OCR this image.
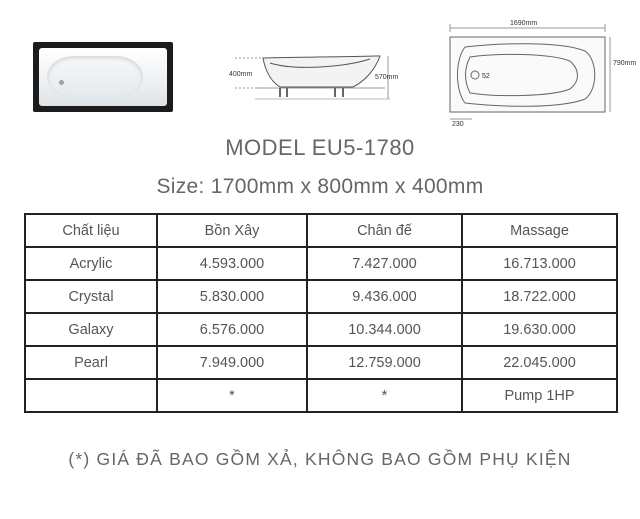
400mm	570mm
1690mm
52
790mm
230
MODEL EU5-1780
Size: 1700mm x 800mm x 400mm
Chất liệu	Bồn Xây	Chân đế	Massage
Acrylic	4.593.000	7.427.000	16.713.000
Crystal	5.830.000	9.436.000	18.722.000
Galaxy	6.576.000	10.344.000	19.630.000
Pearl	7.949.000	12.759.000	22.045.000
	*	*	Pump 1HP
(*) GIÁ ĐÃ BAO GỒM XẢ, KHÔNG BAO GỒM PHỤ KIỆN
